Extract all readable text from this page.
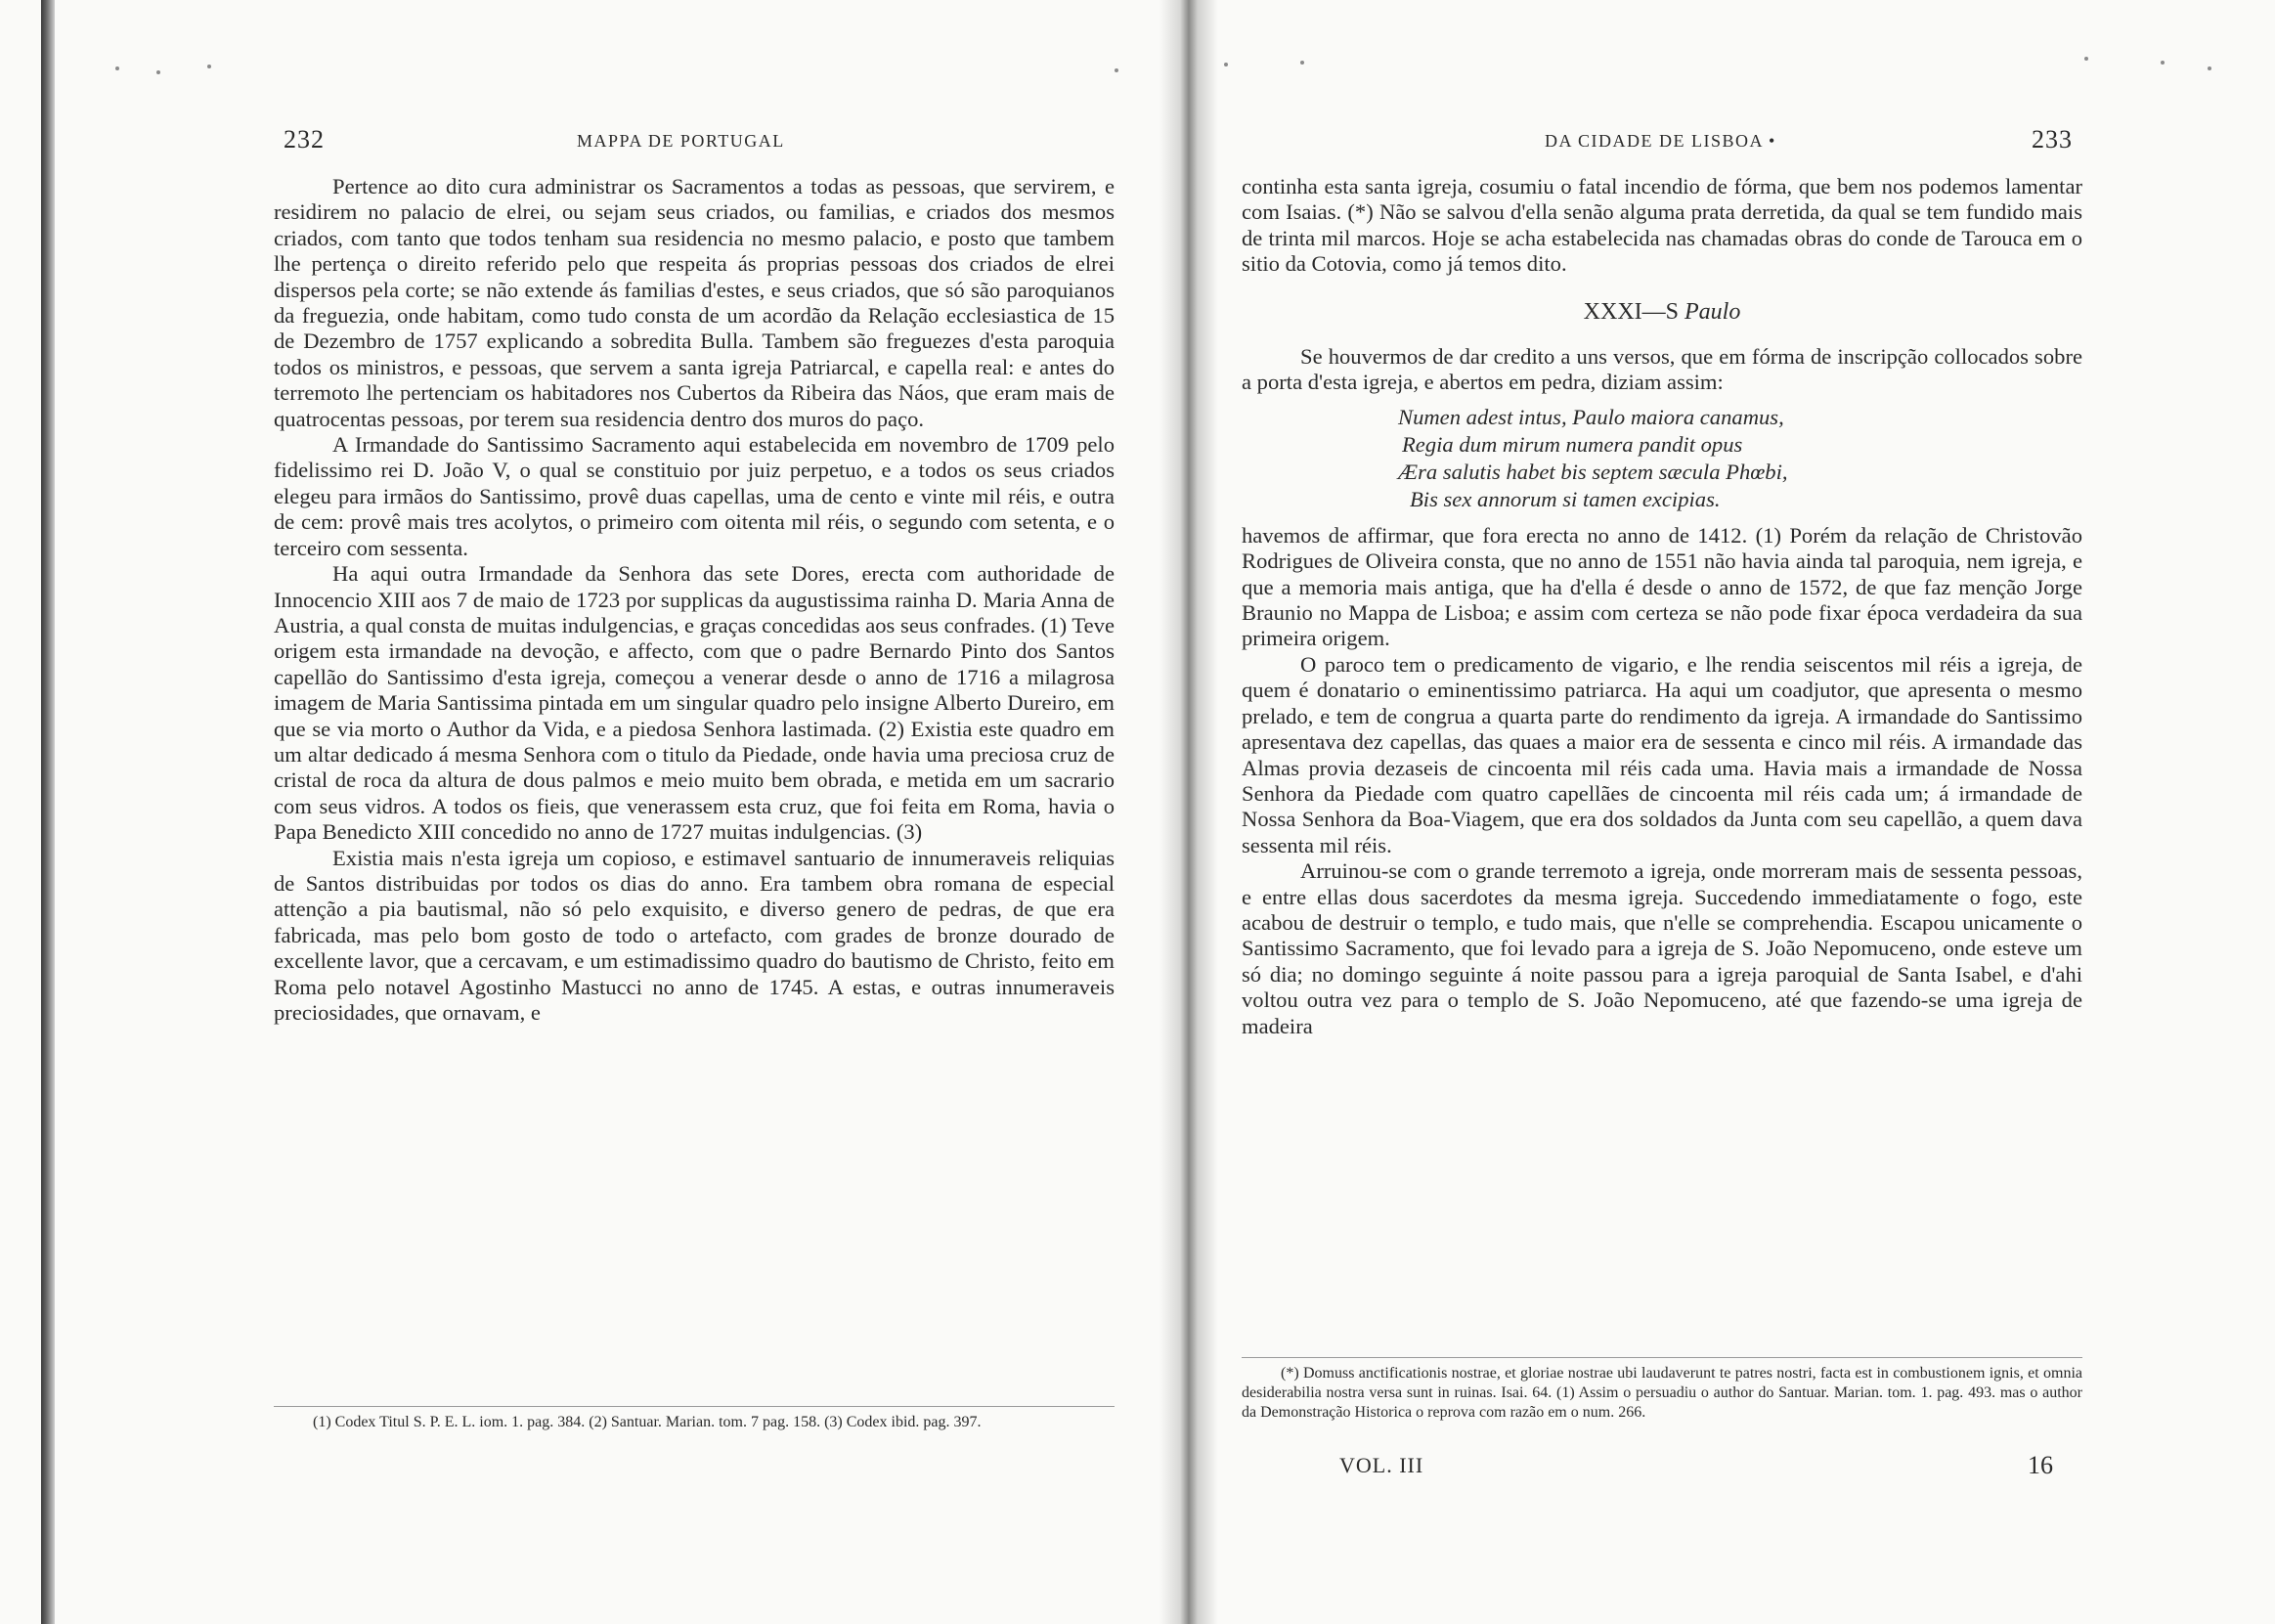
232	MAPPA DE PORTUGAL

Pertence ao dito cura administrar os Sacramentos a todas as pessoas, que servirem, e residirem no palacio de elrei, ou sejam seus criados, ou familias, e criados dos mesmos criados, com tanto que todos tenham sua residencia no mesmo palacio, e posto que tambem lhe pertença o direito referido pelo que respeita ás proprias pessoas dos criados de elrei dispersos pela corte; se não extende ás familias d'estes, e seus criados, que só são paroquianos da freguezia, onde habitam, como tudo consta de um acordão da Relação ecclesiastica de 15 de Dezembro de 1757 explicando a sobredita Bulla. Tambem são freguezes d'esta paroquia todos os ministros, e pessoas, que servem a santa igreja Patriarcal, e capella real: e antes do terremoto lhe pertenciam os habitadores nos Cubertos da Ribeira das Náos, que eram mais de quatrocentas pessoas, por terem sua residencia dentro dos muros do paço.

A Irmandade do Santissimo Sacramento aqui estabelecida em novembro de 1709 pelo fidelissimo rei D. João V, o qual se constituio por juiz perpetuo, e a todos os seus criados elegeu para irmãos do Santissimo, provê duas capellas, uma de cento e vinte mil réis, e outra de cem: provê mais tres acolytos, o primeiro com oitenta mil réis, o segundo com setenta, e o terceiro com sessenta.

Ha aqui outra Irmandade da Senhora das sete Dores, erecta com authoridade de Innocencio XIII aos 7 de maio de 1723 por supplicas da augustissima rainha D. Maria Anna de Austria, a qual consta de muitas indulgencias, e graças concedidas aos seus confrades. (1) Teve origem esta irmandade na devoção, e affecto, com que o padre Bernardo Pinto dos Santos capellão do Santissimo d'esta igreja, começou a venerar desde o anno de 1716 a milagrosa imagem de Maria Santissima pintada em um singular quadro pelo insigne Alberto Dureiro, em que se via morto o Author da Vida, e a piedosa Senhora lastimada. (2) Existia este quadro em um altar dedicado á mesma Senhora com o titulo da Piedade, onde havia uma preciosa cruz de cristal de roca da altura de dous palmos e meio muito bem obrada, e metida em um sacrario com seus vidros. A todos os fieis, que venerassem esta cruz, que foi feita em Roma, havia o Papa Benedicto XIII concedido no anno de 1727 muitas indulgencias. (3)

Existia mais n'esta igreja um copioso, e estimavel santuario de innumeraveis reliquias de Santos distribuidas por todos os dias do anno. Era tambem obra romana de especial attenção a pia bautismal, não só pelo exquisito, e diverso genero de pedras, de que era fabricada, mas pelo bom gosto de todo o artefacto, com grades de bronze dourado de excellente lavor, que a cercavam, e um estimadissimo quadro do bautismo de Christo, feito em Roma pelo notavel Agostinho Mastucci no anno de 1745. A estas, e outras innumeraveis preciosidades, que ornavam, e

(1) Codex Titul S. P. E. L. iom. 1. pag. 384. (2) Santuar. Marian. tom. 7 pag. 158. (3) Codex ibid. pag. 397.

DA CIDADE DE LISBOA •	233

continha esta santa igreja, cosumiu o fatal incendio de fórma, que bem nos podemos lamentar com Isaias. (*) Não se salvou d'ella senão alguma prata derretida, da qual se tem fundido mais de trinta mil marcos. Hoje se acha estabelecida nas chamadas obras do conde de Tarouca em o sitio da Cotovia, como já temos dito.

XXXI—S Paulo

Se houvermos de dar credito a uns versos, que em fórma de inscripção collocados sobre a porta d'esta igreja, e abertos em pedra, diziam assim:

Numen adest intus, Paulo maiora canamus,
Regia dum mirum numera pandit opus
Æra salutis habet bis septem sæcula Phœbi,
Bis sex annorum si tamen excipias.

havemos de affirmar, que fora erecta no anno de 1412. (1) Porém da relação de Christovão Rodrigues de Oliveira consta, que no anno de 1551 não havia ainda tal paroquia, nem igreja, e que a memoria mais antiga, que ha d'ella é desde o anno de 1572, de que faz menção Jorge Braunio no Mappa de Lisboa; e assim com certeza se não pode fixar época verdadeira da sua primeira origem.

O paroco tem o predicamento de vigario, e lhe rendia seiscentos mil réis a igreja, de quem é donatario o eminentissimo patriarca. Ha aqui um coadjutor, que apresenta o mesmo prelado, e tem de congrua a quarta parte do rendimento da igreja. A irmandade do Santissimo apresentava dez capellas, das quaes a maior era de sessenta e cinco mil réis. A irmandade das Almas provia dezaseis de cincoenta mil réis cada uma. Havia mais a irmandade de Nossa Senhora da Piedade com quatro capellães de cincoenta mil réis cada um; á irmandade de Nossa Senhora da Boa-Viagem, que era dos soldados da Junta com seu capellão, a quem dava sessenta mil réis.

Arruinou-se com o grande terremoto a igreja, onde morreram mais de sessenta pessoas, e entre ellas dous sacerdotes da mesma igreja. Succedendo immediatamente o fogo, este acabou de destruir o templo, e tudo mais, que n'elle se comprehendia. Escapou unicamente o Santissimo Sacramento, que foi levado para a igreja de S. João Nepomuceno, onde esteve um só dia; no domingo seguinte á noite passou para a igreja paroquial de Santa Isabel, e d'ahi voltou outra vez para o templo de S. João Nepomuceno, até que fazendo-se uma igreja de madeira

(*) Domuss anctificationis nostrae, et gloriae nostrae ubi laudaverunt te patres nostri, facta est in combustionem ignis, et omnia desiderabilia nostra versa sunt in ruinas. Isai. 64. (1) Assim o persuadiu o author do Santuar. Marian. tom. 1. pag. 493. mas o author da Demonstração Historica o reprova com razão em o num. 266.

VOL. III	16
